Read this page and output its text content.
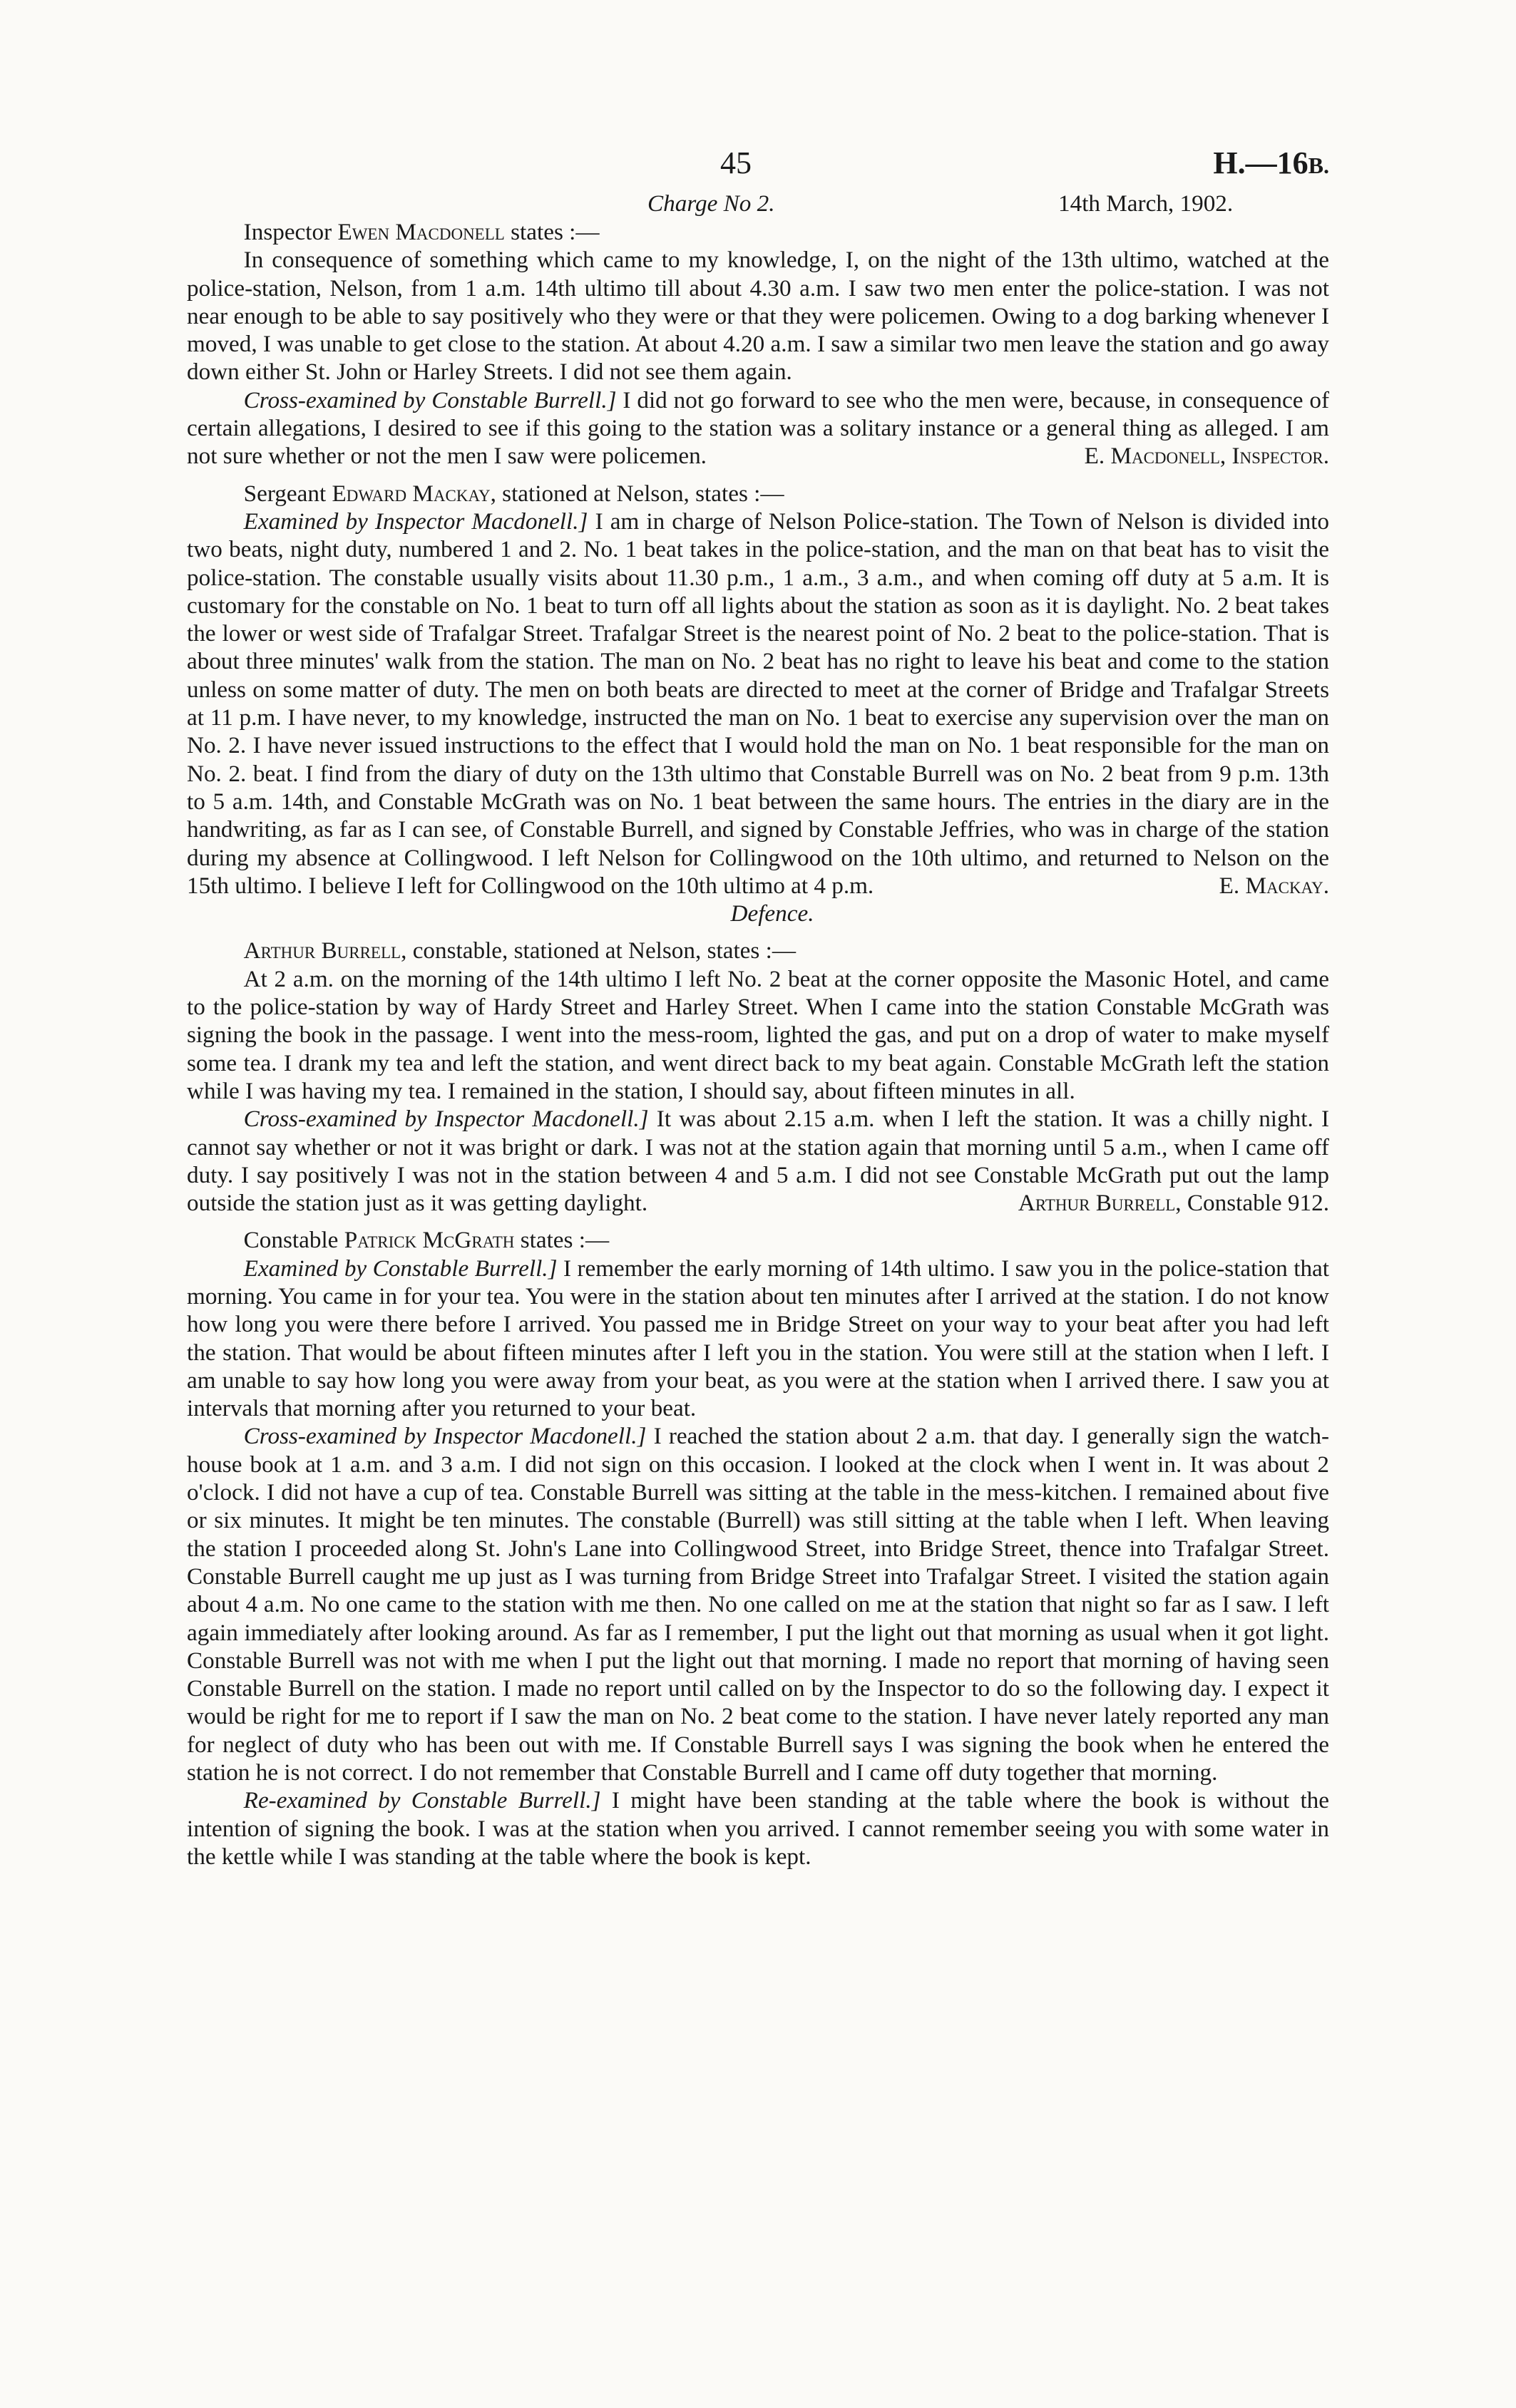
45	H.—16B.
Charge No 2.	14th March, 1902.

Inspector Ewen Macdonell states :—

In consequence of something which came to my knowledge, I, on the night of the 13th ultimo, watched at the police-station, Nelson, from 1 a.m. 14th ultimo till about 4.30 a.m. I saw two men enter the police-station. I was not near enough to be able to say positively who they were or that they were policemen. Owing to a dog barking whenever I moved, I was unable to get close to the station. At about 4.20 a.m. I saw a similar two men leave the station and go away down either St. John or Harley Streets. I did not see them again.

Cross-examined by Constable Burrell.] I did not go forward to see who the men were, because, in consequence of certain allegations, I desired to see if this going to the station was a solitary instance or a general thing as alleged. I am not sure whether or not the men I saw were policemen.	E. Macdonell, Inspector.

Sergeant Edward Mackay, stationed at Nelson, states :—

Examined by Inspector Macdonell.] I am in charge of Nelson Police-station. The Town of Nelson is divided into two beats, night duty, numbered 1 and 2. No. 1 beat takes in the police-station, and the man on that beat has to visit the police-station. The constable usually visits about 11.30 p.m., 1 a.m., 3 a.m., and when coming off duty at 5 a.m. It is customary for the constable on No. 1 beat to turn off all lights about the station as soon as it is daylight. No. 2 beat takes the lower or west side of Trafalgar Street. Trafalgar Street is the nearest point of No. 2 beat to the police-station. That is about three minutes' walk from the station. The man on No. 2 beat has no right to leave his beat and come to the station unless on some matter of duty. The men on both beats are directed to meet at the corner of Bridge and Trafalgar Streets at 11 p.m. I have never, to my knowledge, instructed the man on No. 1 beat to exercise any supervision over the man on No. 2. I have never issued instructions to the effect that I would hold the man on No. 1 beat responsible for the man on No. 2. beat. I find from the diary of duty on the 13th ultimo that Constable Burrell was on No. 2 beat from 9 p.m. 13th to 5 a.m. 14th, and Constable McGrath was on No. 1 beat between the same hours. The entries in the diary are in the handwriting, as far as I can see, of Constable Burrell, and signed by Constable Jeffries, who was in charge of the station during my absence at Collingwood. I left Nelson for Collingwood on the 10th ultimo, and returned to Nelson on the 15th ultimo. I believe I left for Collingwood on the 10th ultimo at 4 p.m.	E. Mackay.

Defence.

Arthur Burrell, constable, stationed at Nelson, states :—

At 2 a.m. on the morning of the 14th ultimo I left No. 2 beat at the corner opposite the Masonic Hotel, and came to the police-station by way of Hardy Street and Harley Street. When I came into the station Constable McGrath was signing the book in the passage. I went into the mess-room, lighted the gas, and put on a drop of water to make myself some tea. I drank my tea and left the station, and went direct back to my beat again. Constable McGrath left the station while I was having my tea. I remained in the station, I should say, about fifteen minutes in all.

Cross-examined by Inspector Macdonell.] It was about 2.15 a.m. when I left the station. It was a chilly night. I cannot say whether or not it was bright or dark. I was not at the station again that morning until 5 a.m., when I came off duty. I say positively I was not in the station between 4 and 5 a.m. I did not see Constable McGrath put out the lamp outside the station just as it was getting daylight.	Arthur Burrell, Constable 912.

Constable Patrick McGrath states :—

Examined by Constable Burrell.] I remember the early morning of 14th ultimo. I saw you in the police-station that morning. You came in for your tea. You were in the station about ten minutes after I arrived at the station. I do not know how long you were there before I arrived. You passed me in Bridge Street on your way to your beat after you had left the station. That would be about fifteen minutes after I left you in the station. You were still at the station when I left. I am unable to say how long you were away from your beat, as you were at the station when I arrived there. I saw you at intervals that morning after you returned to your beat.

Cross-examined by Inspector Macdonell.] I reached the station about 2 a.m. that day. I generally sign the watch-house book at 1 a.m. and 3 a.m. I did not sign on this occasion. I looked at the clock when I went in. It was about 2 o'clock. I did not have a cup of tea. Constable Burrell was sitting at the table in the mess-kitchen. I remained about five or six minutes. It might be ten minutes. The constable (Burrell) was still sitting at the table when I left. When leaving the station I proceeded along St. John's Lane into Collingwood Street, into Bridge Street, thence into Trafalgar Street. Constable Burrell caught me up just as I was turning from Bridge Street into Trafalgar Street. I visited the station again about 4 a.m. No one came to the station with me then. No one called on me at the station that night so far as I saw. I left again immediately after looking around. As far as I remember, I put the light out that morning as usual when it got light. Constable Burrell was not with me when I put the light out that morning. I made no report that morning of having seen Constable Burrell on the station. I made no report until called on by the Inspector to do so the following day. I expect it would be right for me to report if I saw the man on No. 2 beat come to the station. I have never lately reported any man for neglect of duty who has been out with me. If Constable Burrell says I was signing the book when he entered the station he is not correct. I do not remember that Constable Burrell and I came off duty together that morning.

Re-examined by Constable Burrell.] I might have been standing at the table where the book is without the intention of signing the book. I was at the station when you arrived. I cannot remember seeing you with some water in the kettle while I was standing at the table where the book is kept.
